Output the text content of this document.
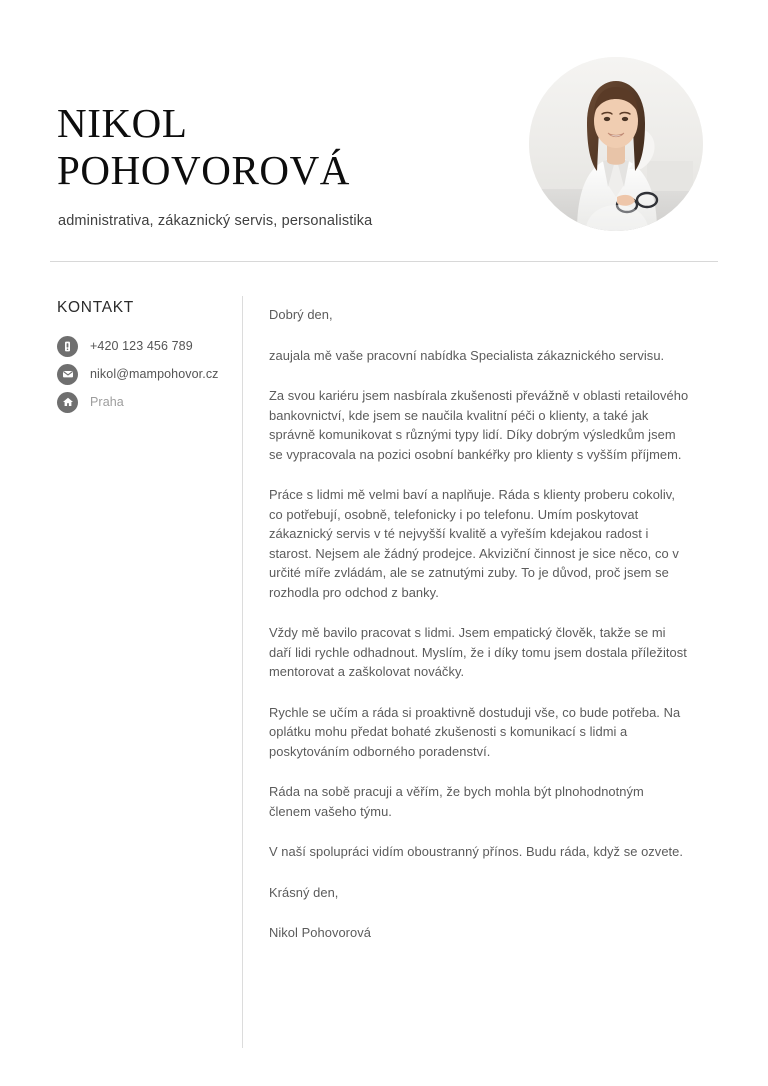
NIKOL
POHOVOROVÁ
administrativa, zákaznický servis, personalistika
KONTAKT
+420 123 456 789
nikol@mampohovor.cz
Praha

Dobrý den,

zaujala mě vaše pracovní nabídka Specialista zákaznického servisu.

Za svou kariéru jsem nasbírala zkušenosti převážně v oblasti retailového bankovnictví, kde jsem se naučila kvalitní péči o klienty, a také jak správně komunikovat s různými typy lidí. Díky dobrým výsledkům jsem se vypracovala na pozici osobní bankéřky pro klienty s vyšším příjmem.

Práce s lidmi mě velmi baví a naplňuje. Ráda s klienty proberu cokoliv, co potřebují, osobně, telefonicky i po telefonu. Umím poskytovat zákaznický servis v té nejvyšší kvalitě a vyřeším kdejakou radost i starost. Nejsem ale žádný prodejce. Akviziční činnost je sice něco, co v určité míře zvládám, ale se zatnutými zuby. To je důvod, proč jsem se rozhodla pro odchod z banky.

Vždy mě bavilo pracovat s lidmi. Jsem empatický člověk, takže se mi daří lidi rychle odhadnout. Myslím, že i díky tomu jsem dostala příležitost mentorovat a zaškolovat nováčky.

Rychle se učím a ráda si proaktivně dostuduji vše, co bude potřeba. Na oplátku mohu předat bohaté zkušenosti s komunikací s lidmi a poskytováním odborného poradenství.

Ráda na sobě pracuji a věřím, že bych mohla být plnohodnotným členem vašeho týmu.

V naší spolupráci vidím oboustranný přínos. Budu ráda, když se ozvete.

Krásný den,

Nikol Pohovorová
